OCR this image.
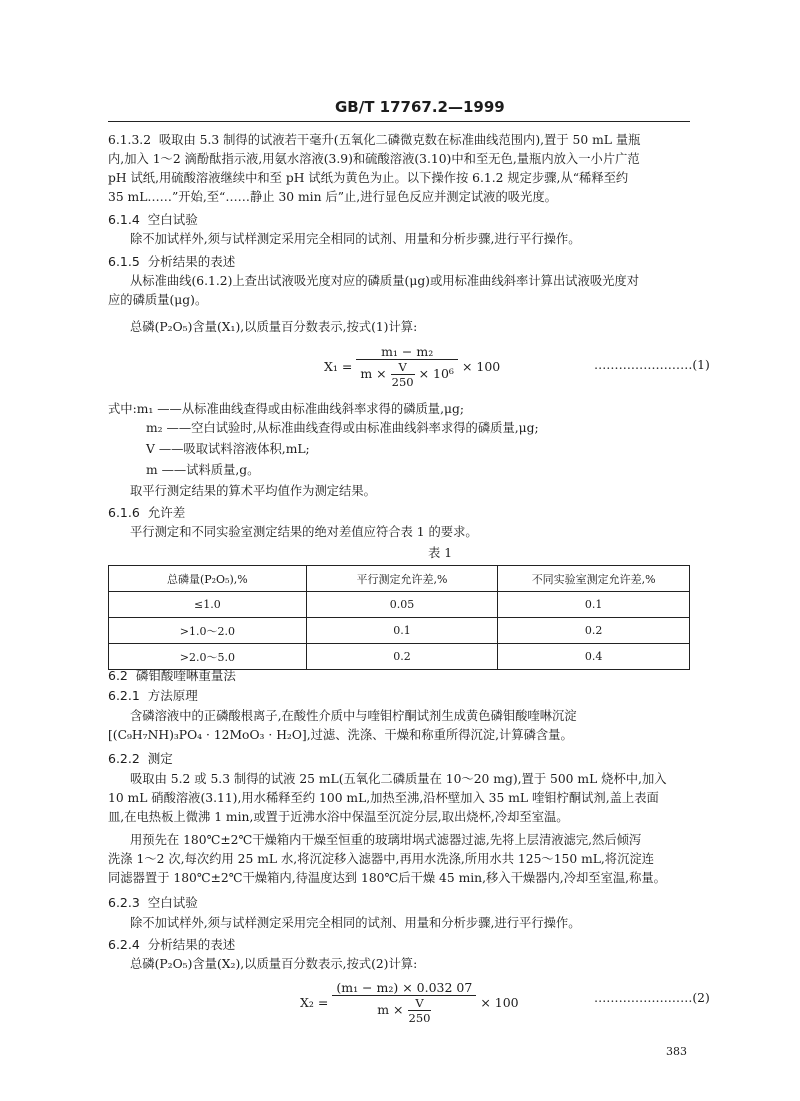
GB/T 17767.2—1999
6.1.3.2 吸取由 5.3 制得的试液若干毫升(五氧化二磷微克数在标准曲线范围内),置于 50 mL 量瓶
内,加入 1～2 滴酚酞指示液,用氨水溶液(3.9)和硫酸溶液(3.10)中和至无色,量瓶内放入一小片广范
pH 试纸,用硫酸溶液继续中和至 pH 试纸为黄色为止。以下操作按 6.1.2 规定步骤,从“稀释至约
35 mL……”开始,至“……静止 30 min 后”止,进行显色反应并测定试液的吸光度。
6.1.4 空白试验
除不加试样外,须与试样测定采用完全相同的试剂、用量和分析步骤,进行平行操作。
6.1.5 分析结果的表述
从标准曲线(6.1.2)上查出试液吸光度对应的磷质量(μg)或用标准曲线斜率计算出试液吸光度对
应的磷质量(μg)。
总磷(P₂O₅)含量(X₁),以质量百分数表示,按式(1)计算:
$X_1 = \frac{\text{m₁ − m₂}}{m \times \frac{V}{250} \times 10^6} \times 100$	……………………(1)
式中:m₁ ——从标准曲线查得或由标准曲线斜率求得的磷质量,μg;
m₂ ——空白试验时,从标准曲线查得或由标准曲线斜率求得的磷质量,μg;
V ——吸取试料溶液体积,mL;
m ——试料质量,g。
取平行测定结果的算术平均值作为测定结果。
6.1.6 允许差
平行测定和不同实验室测定结果的绝对差值应符合表 1 的要求。
表 1
总磷量(P₂O₅),%	平行测定允许差,%	不同实验室测定允许差,%
≤1.0	0.05	0.1
>1.0～2.0	0.1	0.2
>2.0～5.0	0.2	0.4
6.2 磷钼酸喹啉重量法
6.2.1 方法原理
含磷溶液中的正磷酸根离子,在酸性介质中与喹钼柠酮试剂生成黄色磷钼酸喹啉沉淀
[(C₉H₇NH)₃PO₄ · 12MoO₃ · H₂O],过滤、洗涤、干燥和称重所得沉淀,计算磷含量。
6.2.2 测定
吸取由 5.2 或 5.3 制得的试液 25 mL(五氧化二磷质量在 10～20 mg),置于 500 mL 烧杯中,加入
10 mL 硝酸溶液(3.11),用水稀释至约 100 mL,加热至沸,沿杯壁加入 35 mL 喹钼柠酮试剂,盖上表面
皿,在电热板上微沸 1 min,或置于近沸水浴中保温至沉淀分层,取出烧杯,冷却至室温。
用预先在 180℃±2℃干燥箱内干燥至恒重的玻璃坩埚式滤器过滤,先将上层清液滤完,然后倾泻
洗涤 1～2 次,每次约用 25 mL 水,将沉淀移入滤器中,再用水洗涤,所用水共 125～150 mL,将沉淀连
同滤器置于 180℃±2℃干燥箱内,待温度达到 180℃后干燥 45 min,移入干燥器内,冷却至室温,称量。
6.2.3 空白试验
除不加试样外,须与试样测定采用完全相同的试剂、用量和分析步骤,进行平行操作。
6.2.4 分析结果的表述
总磷(P₂O₅)含量(X₂),以质量百分数表示,按式(2)计算:
$X_2 = \frac{\text{(m₁ − m₂) × 0.032 07}}{m \times \frac{V}{250}} \times 100$	……………………(2)
383
